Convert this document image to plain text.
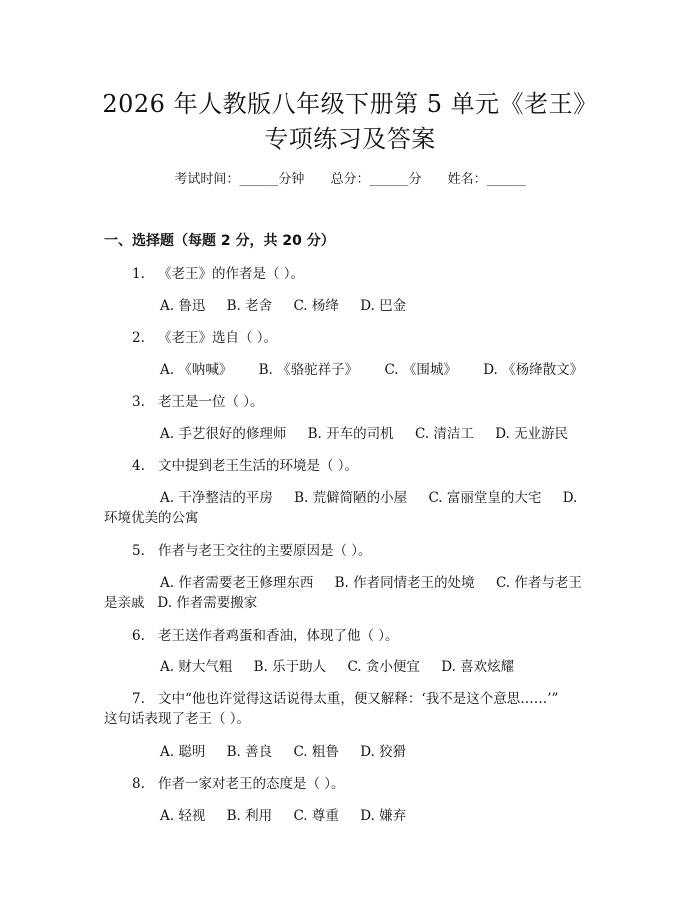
2026 年人教版八年级下册第 5 单元《老王》
专项练习及答案
考试时间：______分钟 总分：______分 姓名：______
一、选择题（每题 2 分，共 20 分）
1. 《老王》的作者是（ ）。
A. 鲁迅 B. 老舍 C. 杨绛 D. 巴金
2. 《老王》选自（ ）。
A. 《呐喊》 B. 《骆驼祥子》 C. 《围城》 D. 《杨绛散文》
3. 老王是一位（ ）。
A. 手艺很好的修理师 B. 开车的司机 C. 清洁工 D. 无业游民
4. 文中提到老王生活的环境是（ ）。
A. 干净整洁的平房 B. 荒僻简陋的小屋 C. 富丽堂皇的大宅 D.
环境优美的公寓
5. 作者与老王交往的主要原因是（ ）。
A. 作者需要老王修理东西 B. 作者同情老王的处境 C. 作者与老王
是亲戚   D. 作者需要搬家
6. 老王送作者鸡蛋和香油，体现了他（ ）。
A. 财大气粗 B. 乐于助人 C. 贪小便宜 D. 喜欢炫耀
7. 文中“他也许觉得这话说得太重，便又解释：‘我不是这个意思……’”
这句话表现了老王（ ）。
A. 聪明 B. 善良 C. 粗鲁 D. 狡猾
8. 作者一家对老王的态度是（ ）。
A. 轻视 B. 利用 C. 尊重 D. 嫌弃
